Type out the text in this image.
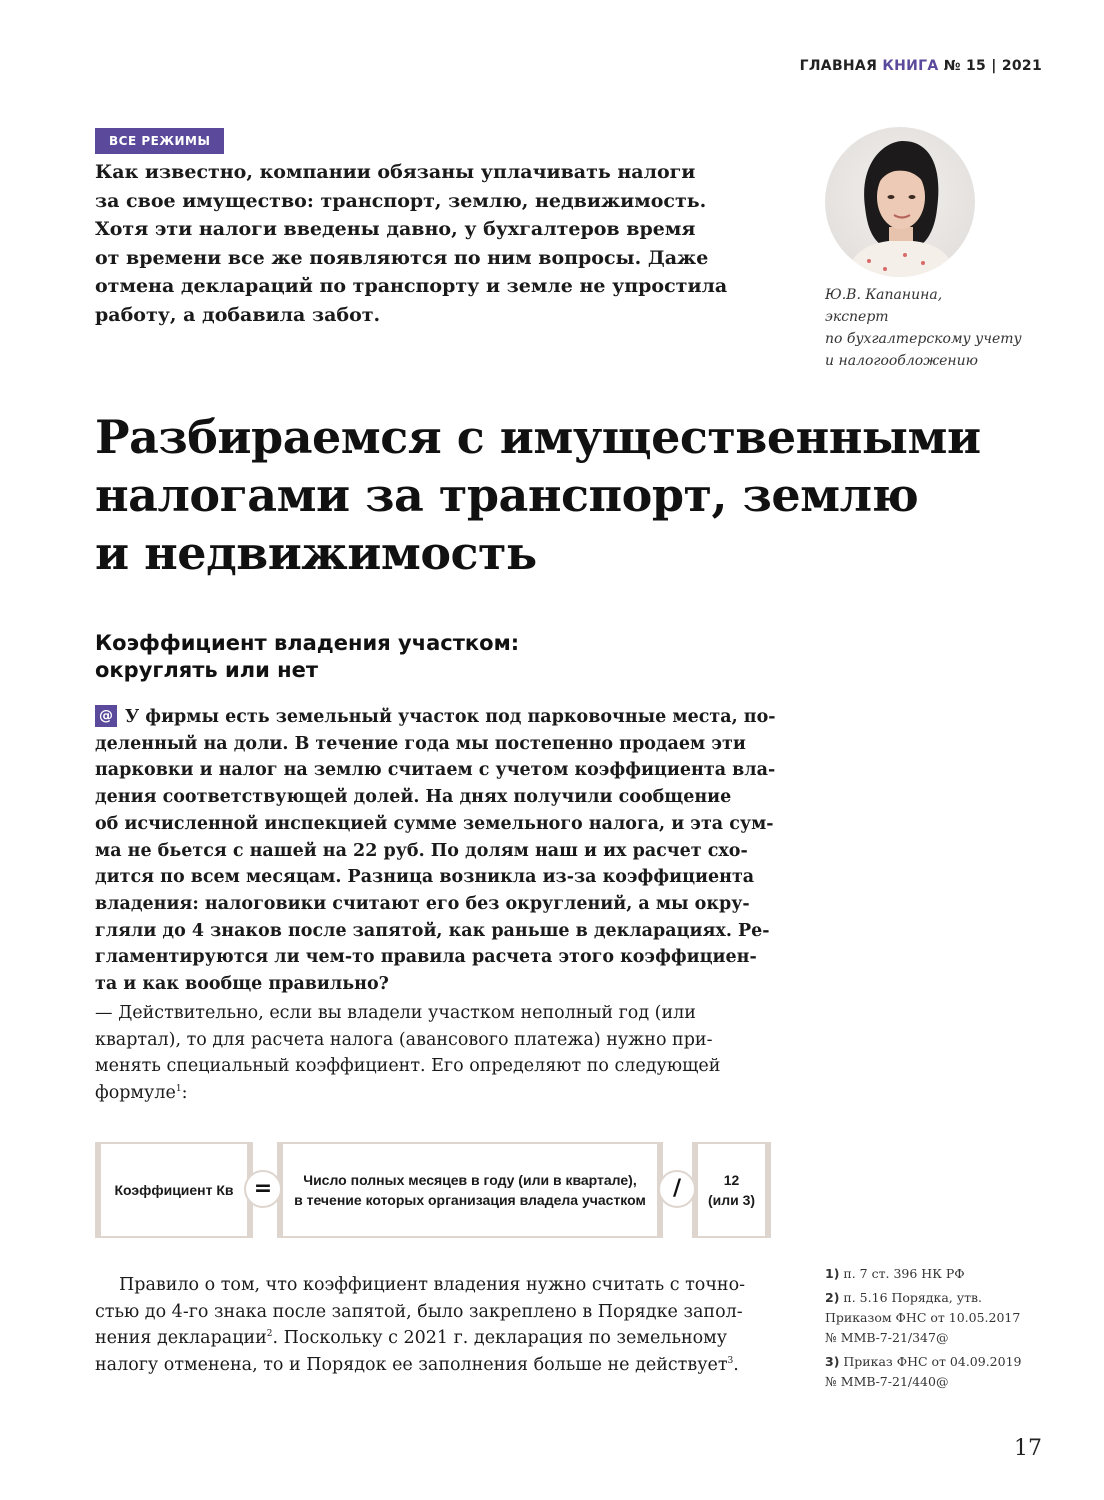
ГЛАВНАЯ КНИГА № 15 | 2021
ВСЕ РЕЖИМЫ
Как известно, компании обязаны уплачивать налоги
за свое имущество: транспорт, землю, недвижимость.
Хотя эти налоги введены давно, у бухгалтеров время
от времени все же появляются по ним вопросы. Даже
отмена деклараций по транспорту и земле не упростила
работу, а добавила забот.
Ю.В. Капанина,
эксперт
по бухгалтерскому учету
и налогообложению
Разбираемся с имущественными
налогами за транспорт, землю
и недвижимость
Коэффициент владения участком:
округлять или нет
@ У фирмы есть земельный участок под парковочные места, по-
деленный на доли. В течение года мы постепенно продаем эти
парковки и налог на землю считаем с учетом коэффициента вла-
дения соответствующей долей. На днях получили сообщение
об исчисленной инспекцией сумме земельного налога, и эта сум-
ма не бьется с нашей на 22 руб. По долям наш и их расчет схо-
дится по всем месяцам. Разница возникла из-за коэффициента
владения: налоговики считают его без округлений, а мы окру-
гляли до 4 знаков после запятой, как раньше в декларациях. Ре-
гламентируются ли чем-то правила расчета этого коэффициен-
та и как вообще правильно?
— Действительно, если вы владели участком неполный год (или
квартал), то для расчета налога (авансового платежа) нужно при-
менять специальный коэффициент. Его определяют по следующей
формуле$^1$:
Коэффициент Кв
Число полных месяцев в году (или в квартале),
в течение которых организация владела участком
12
(или 3)
=	/
Правило о том, что коэффициент владения нужно считать с точно-
стью до 4-го знака после запятой, было закреплено в Порядке запол-
нения декларации$^2$. Поскольку с 2021 г. декларация по земельному
налогу отменена, то и Порядок ее заполнения больше не действует$^3$.
1) п. 7 ст. 396 НК РФ
2) п. 5.16 Порядка, утв.
Приказом ФНС от 10.05.2017
№ ММВ-7-21/347@
3) Приказ ФНС от 04.09.2019
№ ММВ-7-21/440@
17
